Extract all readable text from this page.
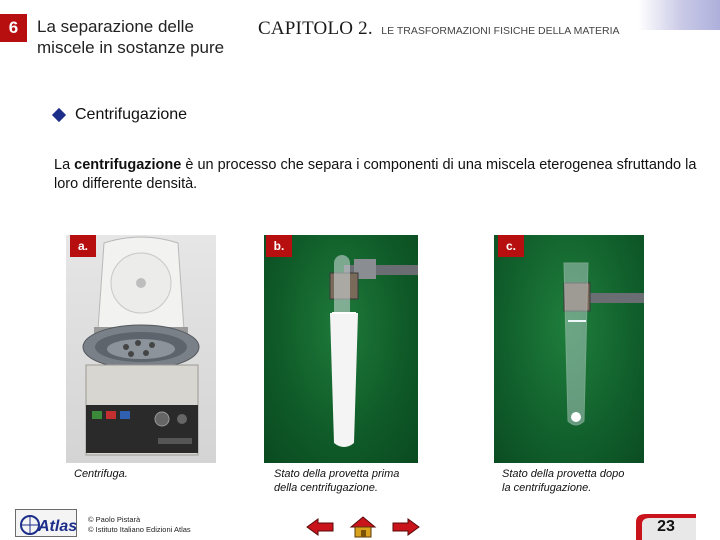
6	La separazione delle
miscele in sostanze pure
CAPITOLO 2. LE TRASFORMAZIONI FISICHE DELLA MATERIA
Centrifugazione

La centrifugazione è un processo che separa i componenti di una miscela eterogenea sfruttando la loro differente densità.

a.	b.	c.
Centrifuga.	Stato della provetta prima
della centrifugazione.
Stato della provetta dopo
la centrifugazione.
Atlas © Paolo Pistarà
© Istituto Italiano Edizioni Atlas	23
